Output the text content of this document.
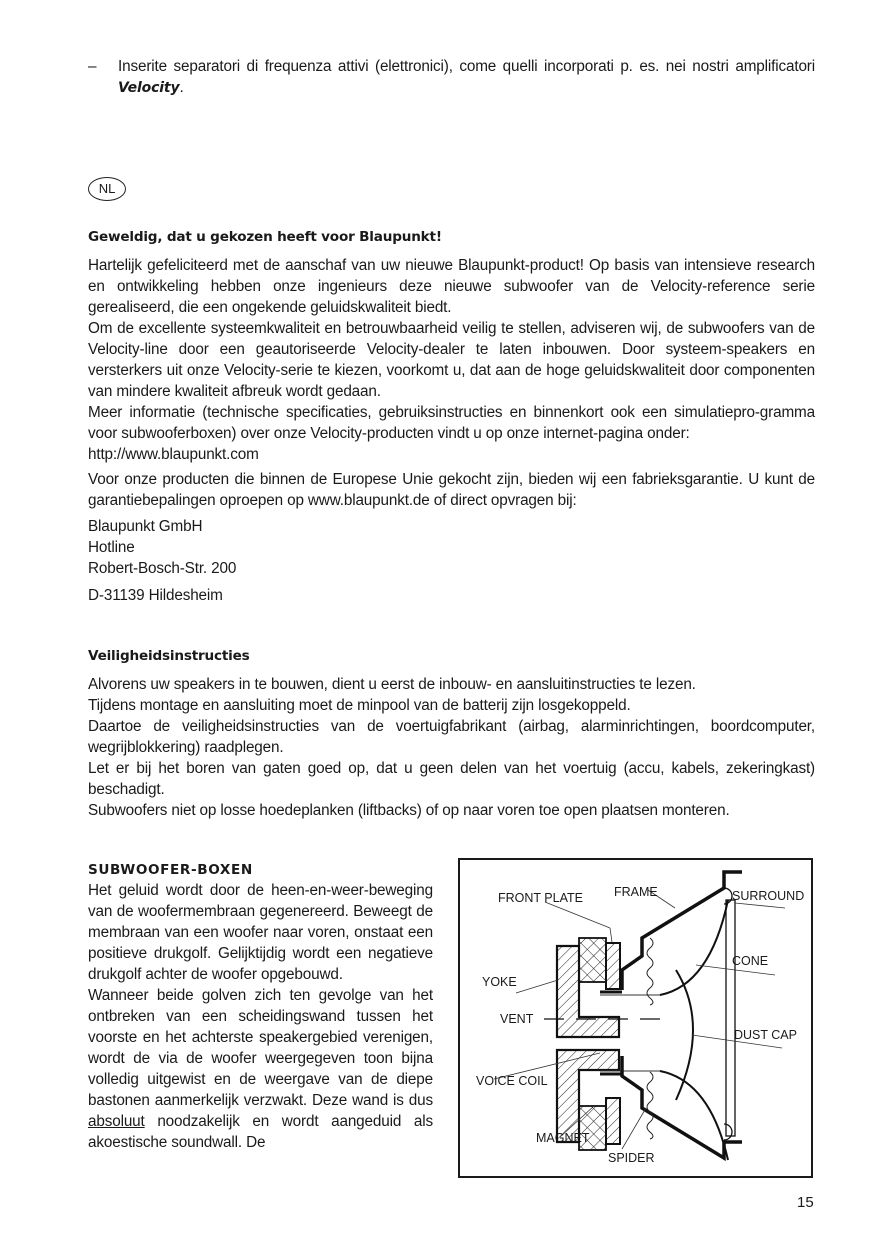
– Inserite separatori di frequenza attivi (elettronici), come quelli incorporati p. es. nei nostri amplificatori Velocity.

NL
Geweldig, dat u gekozen heeft voor Blaupunkt!

Hartelijk gefeliciteerd met de aanschaf van uw nieuwe Blaupunkt-product! Op basis van intensieve research en ontwikkeling hebben onze ingenieurs deze nieuwe subwoofer van de Velocity-reference serie gerealiseerd, die een ongekende geluidskwaliteit biedt.

Om de excellente systeemkwaliteit en betrouwbaarheid veilig te stellen, adviseren wij, de subwoofers van de Velocity-line door een geautoriseerde Velocity-dealer te laten inbouwen. Door systeem-speakers en versterkers uit onze Velocity-serie te kiezen, voorkomt u, dat aan de hoge geluidskwaliteit door componenten van mindere kwaliteit afbreuk wordt gedaan.

Meer informatie (technische specificaties, gebruiksinstructies en binnenkort ook een simulatiepro-gramma voor subwooferboxen) over onze Velocity-producten vindt u op onze internet-pagina onder:

http://www.blaupunkt.com

Voor onze producten die binnen de Europese Unie gekocht zijn, bieden wij een fabrieksgarantie. U kunt de garantiebepalingen oproepen op www.blaupunkt.de of direct opvragen bij:

Blaupunkt GmbH

Hotline

Robert-Bosch-Str. 200

D-31139 Hildesheim

Veiligheidsinstructies

Alvorens uw speakers in te bouwen, dient u eerst de inbouw- en aansluitinstructies te lezen.

Tijdens montage en aansluiting moet de minpool van de batterij zijn losgekoppeld.

Daartoe de veiligheidsinstructies van de voertuigfabrikant (airbag, alarminrichtingen, boordcomputer, wegrijblokkering) raadplegen.

Let er bij het boren van gaten goed op, dat u geen delen van het voertuig (accu, kabels, zekeringkast) beschadigt.

Subwoofers niet op losse hoedeplanken (liftbacks) of op naar voren toe open plaatsen monteren.

SUBWOOFER-BOXEN

Het geluid wordt door de heen-en-weer-beweging van de woofermembraan gegenereerd. Beweegt de membraan van een woofer naar voren, onstaat een positieve drukgolf. Gelijktijdig wordt een negatieve drukgolf achter de woofer opgebouwd.

Wanneer beide golven zich ten gevolge van het ontbreken van een scheidingswand tussen het voorste en het achterste speakergebied verenigen, wordt de via de woofer weergegeven toon bijna volledig uitgewist en de weergave van de diepe bastonen aanmerkelijk verzwakt. Deze wand is dus absoluut noodzakelijk en wordt aangeduid als akoestische soundwall. De

FRONT PLATE FRAME	SURROUND
CONE
YOKE
VENT
DUST CAP
VOICE COIL
MAGNET
SPIDER
15
